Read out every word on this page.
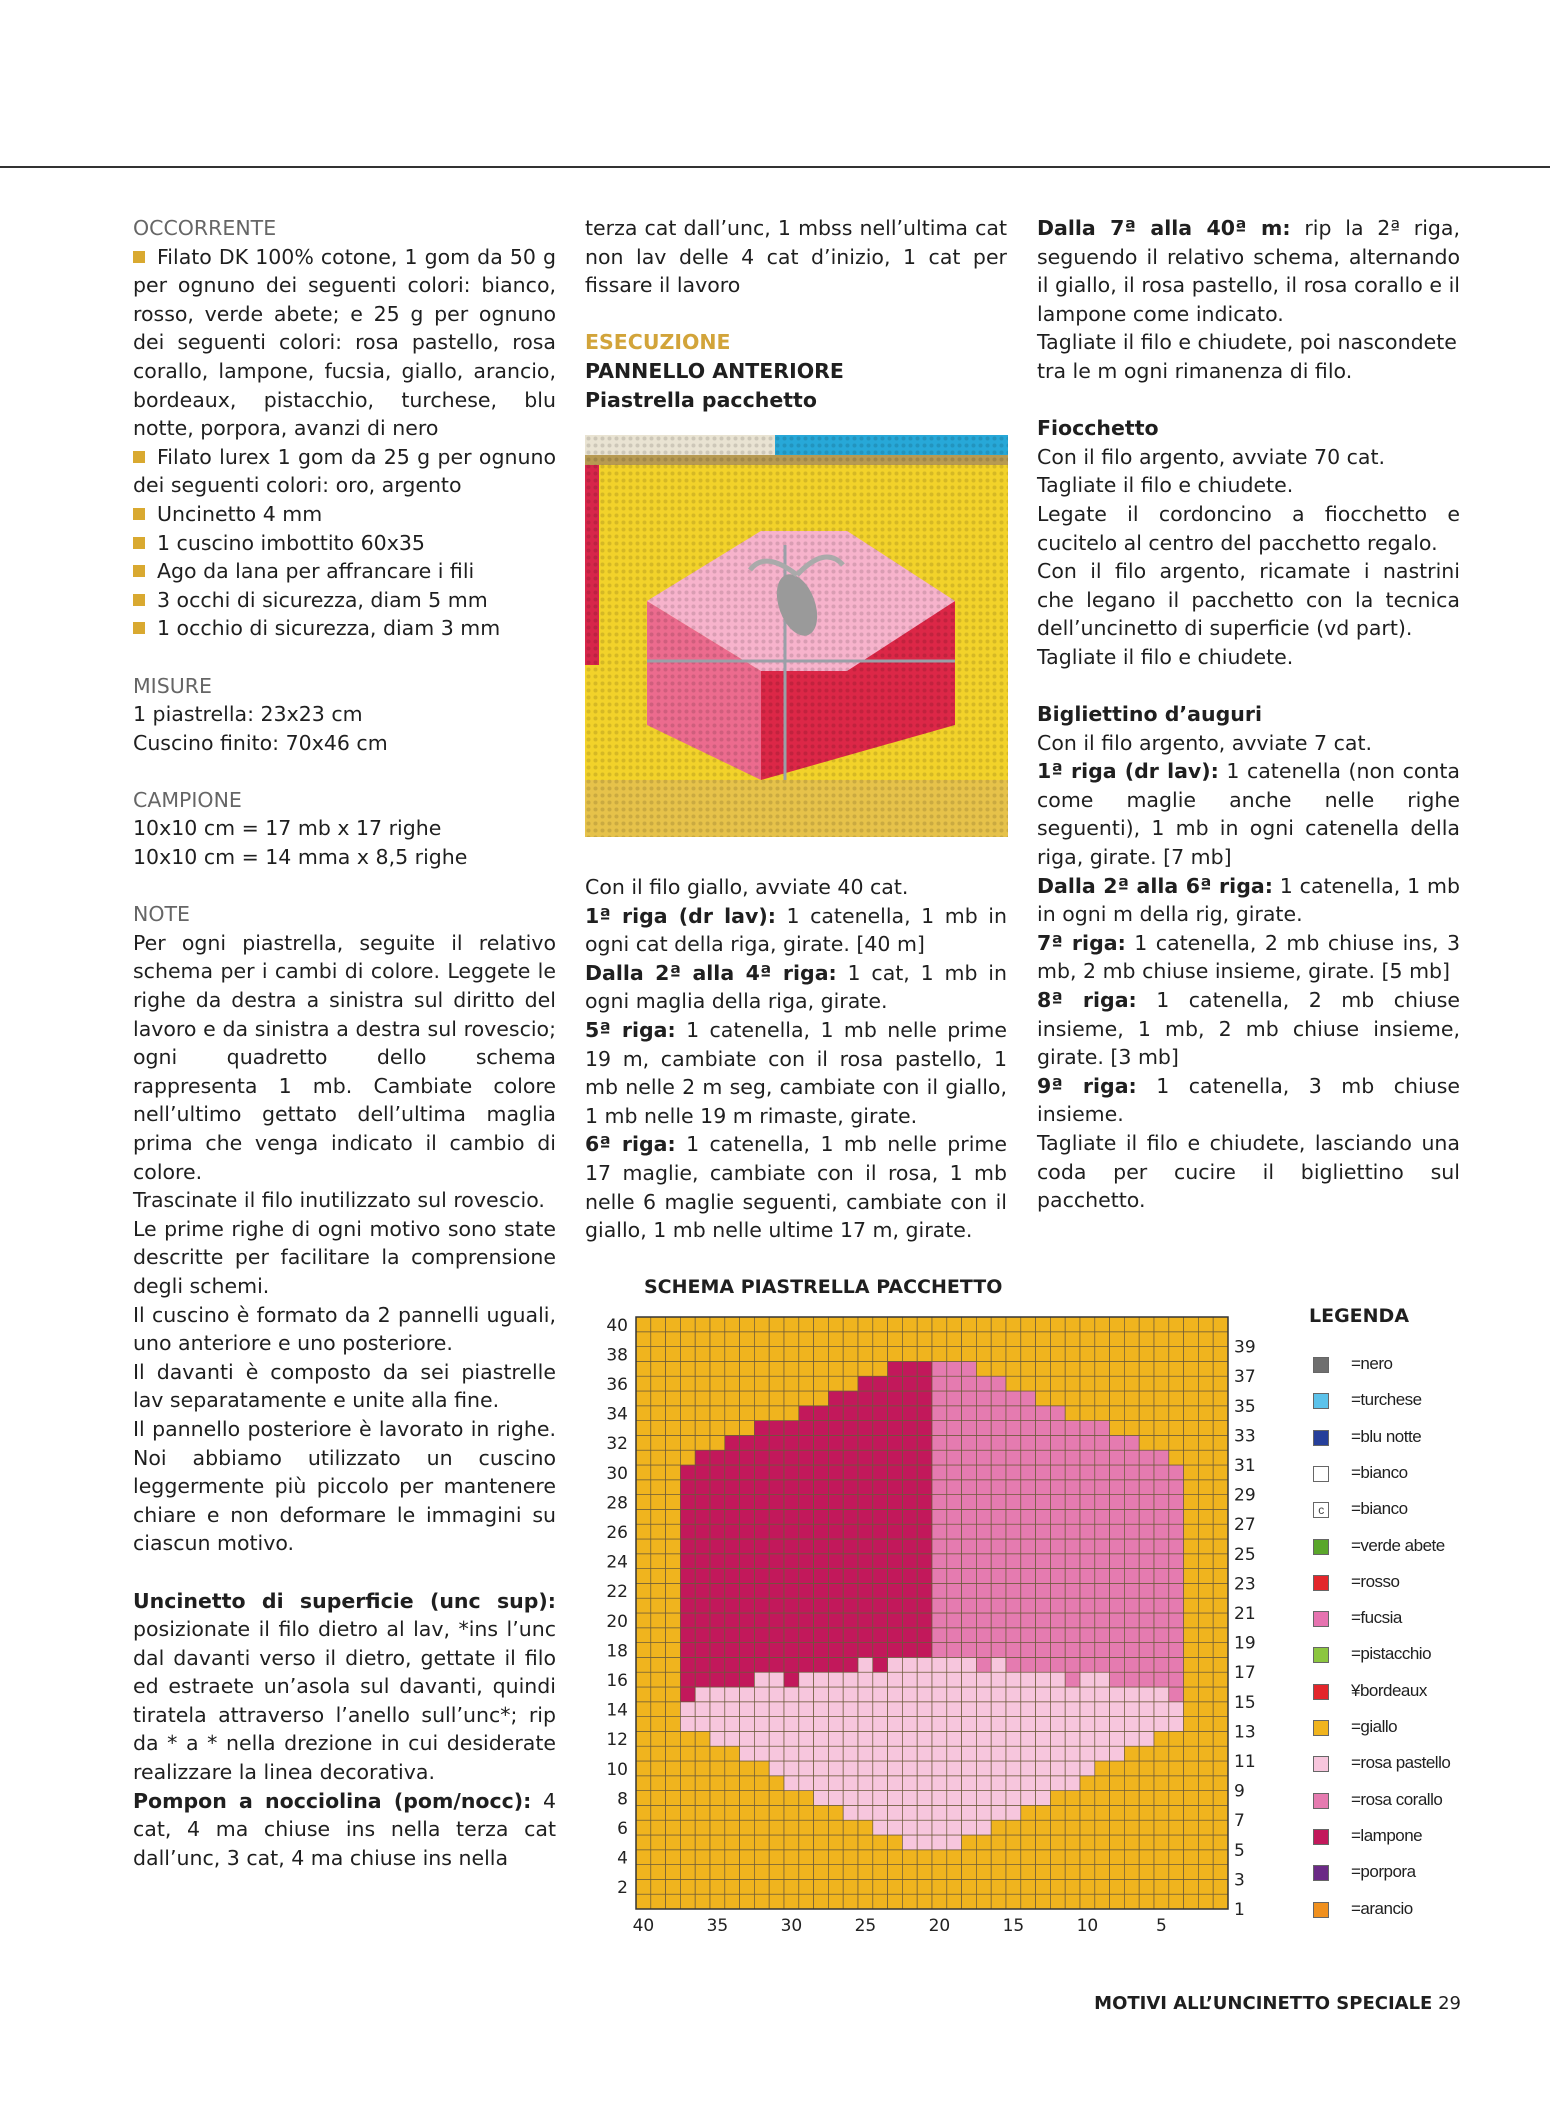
OCCORRENTE

Filato DK 100% cotone, 1 gom da 50 g per ognuno dei seguenti colori: bianco, rosso, verde abete; e 25 g per ognuno dei seguenti colori: rosa pastello, rosa corallo, lampone, fucsia, giallo, arancio, bordeaux, pistacchio, turchese, blu notte, porpora, avanzi di nero

Filato lurex 1 gom da 25 g per ognuno dei seguenti colori: oro, argento

Uncinetto 4 mm

1 cuscino imbottito 60x35

Ago da lana per affrancare i fili

3 occhi di sicurezza, diam 5 mm

1 occhio di sicurezza, diam 3 mm

MISURE

1 piastrella: 23x23 cm

Cuscino finito: 70x46 cm

CAMPIONE

10x10 cm = 17 mb x 17 righe

10x10 cm = 14 mma x 8,5 righe

NOTE

Per ogni piastrella, seguite il relativo schema per i cambi di colore. Leggete le righe da destra a sinistra sul diritto del lavoro e da sinistra a destra sul rovescio; ogni quadretto dello schema rappresenta 1 mb. Cambiate colore nell’ultimo gettato dell’ultima maglia prima che venga indicato il cambio di colore.

Trascinate il filo inutilizzato sul rovescio.

Le prime righe di ogni motivo sono state descritte per facilitare la comprensione degli schemi.

Il cuscino è formato da 2 pannelli uguali, uno anteriore e uno posteriore.

Il davanti è composto da sei piastrelle lav separatamente e unite alla fine.

Il pannello posteriore è lavorato in righe. Noi abbiamo utilizzato un cuscino leggermente più piccolo per mantenere chiare e non deformare le immagini su ciascun motivo.

Uncinetto di superficie (unc sup): posizionate il filo dietro al lav, *ins l’unc dal davanti verso il dietro, gettate il filo ed estraete un’asola sul davanti, quindi tiratela attraverso l’anello sull’unc*; rip da * a * nella drezione in cui desiderate realizzare la linea decorativa.

Pompon a nocciolina (pom/nocc): 4 cat, 4 ma chiuse ins nella terza cat dall’unc, 3 cat, 4 ma chiuse ins nella

terza cat dall’unc, 1 mbss nell’ultima cat non lav delle 4 cat d’inizio, 1 cat per fissare il lavoro

ESECUZIONE

PANNELLO ANTERIORE

Piastrella pacchetto

Con il filo giallo, avviate 40 cat.

1ª riga (dr lav): 1 catenella, 1 mb in ogni cat della riga, girate. [40 m]

Dalla 2ª alla 4ª riga: 1 cat, 1 mb in ogni maglia della riga, girate.

5ª riga: 1 catenella, 1 mb nelle prime 19 m, cambiate con il rosa pastello, 1 mb nelle 2 m seg, cambiate con il giallo, 1 mb nelle 19 m rimaste, girate.

6ª riga: 1 catenella, 1 mb nelle prime 17 maglie, cambiate con il rosa, 1 mb nelle 6 maglie seguenti, cambiate con il giallo, 1 mb nelle ultime 17 m, girate.

Dalla 7ª alla 40ª m: rip la 2ª riga, seguendo il relativo schema, alternando il giallo, il rosa pastello, il rosa corallo e il lampone come indicato.

Tagliate il filo e chiudete, poi nascondete tra le m ogni rimanenza di filo.

Fiocchetto

Con il filo argento, avviate 70 cat.

Tagliate il filo e chiudete.

Legate il cordoncino a fiocchetto e cucitelo al centro del pacchetto regalo.

Con il filo argento, ricamate i nastrini che legano il pacchetto con la tecnica dell’uncinetto di superficie (vd part).

Tagliate il filo e chiudete.

Bigliettino d’auguri

Con il filo argento, avviate 7 cat.

1ª riga (dr lav): 1 catenella (non conta come maglie anche nelle righe seguenti), 1 mb in ogni catenella della riga, girate. [7 mb]

Dalla 2ª alla 6ª riga: 1 catenella, 1 mb in ogni m della rig, girate.

7ª riga: 1 catenella, 2 mb chiuse ins, 3 mb, 2 mb chiuse insieme, girate. [5 mb]

8ª riga: 1 catenella, 2 mb chiuse insieme, 1 mb, 2 mb chiuse insieme, girate. [3 mb]

9ª riga: 1 catenella, 3 mb chiuse insieme.

Tagliate il filo e chiudete, lasciando una coda per cucire il bigliettino sul pacchetto.

SCHEMA PIASTRELLA PACCHETTO
40
38
36
34
32
30
28
26
24
22
20
18
16
14
12
10
8
6
4
2
39
37
35
33
31
29
27
25
23
21
19
17
15
13
11
9
7
5
3
1
40	35	30	25	20	15	10	5
LEGENDA
=nero
=turchese
=blu notte
=bianco
c	=bianco
=verde abete
=rosso
=fucsia
=pistacchio
¥bordeaux
=giallo
=rosa pastello
=rosa corallo
=lampone
=porpora
=arancio
MOTIVI ALL’UNCINETTO SPECIALE 29
